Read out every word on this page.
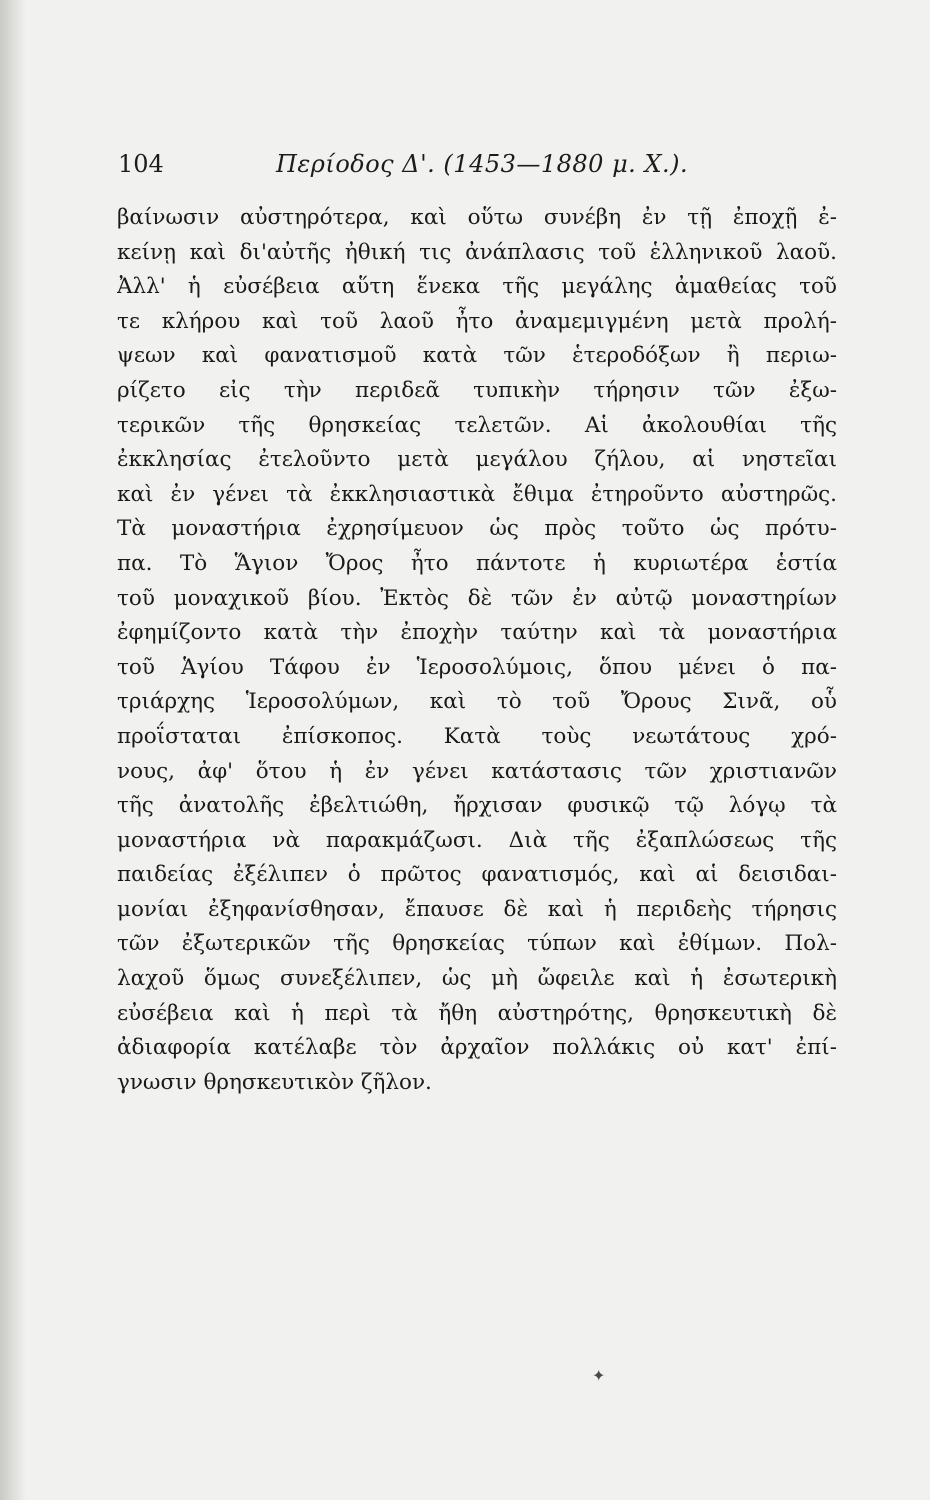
104	Περίοδος Δ'. (1453—1880 μ. Χ.).
βαίνωσιν αὐστηρότερα, καὶ οὕτω συνέβη ἐν τῇ ἐποχῇ ἐ-
κείνῃ καὶ δι'αὐτῆς ἠθική τις ἀνάπλασις τοῦ ἑλληνικοῦ λαοῦ.
Ἀλλ' ἡ εὐσέβεια αὕτη ἕνεκα τῆς μεγάλης ἀμαθείας τοῦ
τε κλήρου καὶ τοῦ λαοῦ ἦτο ἀναμεμιγμένη μετὰ προλή-
ψεων καὶ φανατισμοῦ κατὰ τῶν ἑτεροδόξων ἢ περιω-
ρίζετο εἰς τὴν περιδεᾶ τυπικὴν τήρησιν τῶν ἐξω-
τερικῶν τῆς θρησκείας τελετῶν. Αἱ ἀκολουθίαι τῆς
ἐκκλησίας ἐτελοῦντο μετὰ μεγάλου ζήλου, αἱ νηστεῖαι
καὶ ἐν γένει τὰ ἐκκλησιαστικὰ ἔθιμα ἐτηροῦντο αὐστηρῶς.
Τὰ μοναστήρια ἐχρησίμευον ὡς πρὸς τοῦτο ὡς πρότυ-
πα. Τὸ Ἅγιον Ὄρος ἦτο πάντοτε ἡ κυριωτέρα ἑστία
τοῦ μοναχικοῦ βίου. Ἐκτὸς δὲ τῶν ἐν αὐτῷ μοναστηρίων
ἐφημίζοντο κατὰ τὴν ἐποχὴν ταύτην καὶ τὰ μοναστήρια
τοῦ Ἁγίου Τάφου ἐν Ἱεροσολύμοις, ὅπου μένει ὁ πα-
τριάρχης Ἱεροσολύμων, καὶ τὸ τοῦ Ὄρους Σινᾶ, οὗ
προΐσταται ἐπίσκοπος. Κατὰ τοὺς νεωτάτους χρό-
νους, ἀφ' ὅτου ἡ ἐν γένει κατάστασις τῶν χριστιανῶν
τῆς ἀνατολῆς ἐβελτιώθη, ἤρχισαν φυσικῷ τῷ λόγῳ τὰ
μοναστήρια νὰ παρακμάζωσι. Διὰ τῆς ἐξαπλώσεως τῆς
παιδείας ἐξέλιπεν ὁ πρῶτος φανατισμός, καὶ αἱ δεισιδαι-
μονίαι ἐξηφανίσθησαν, ἔπαυσε δὲ καὶ ἡ περιδεὴς τήρησις
τῶν ἐξωτερικῶν τῆς θρησκείας τύπων καὶ ἐθίμων. Πολ-
λαχοῦ ὅμως συνεξέλιπεν, ὡς μὴ ὤφειλε καὶ ἡ ἐσωτερικὴ
εὐσέβεια καὶ ἡ περὶ τὰ ἤθη αὐστηρότης, θρησκευτικὴ δὲ
ἀδιαφορία κατέλαβε τὸν ἀρχαῖον πολλάκις οὐ κατ' ἐπί-
γνωσιν θρησκευτικὸν ζῆλον.
✦
